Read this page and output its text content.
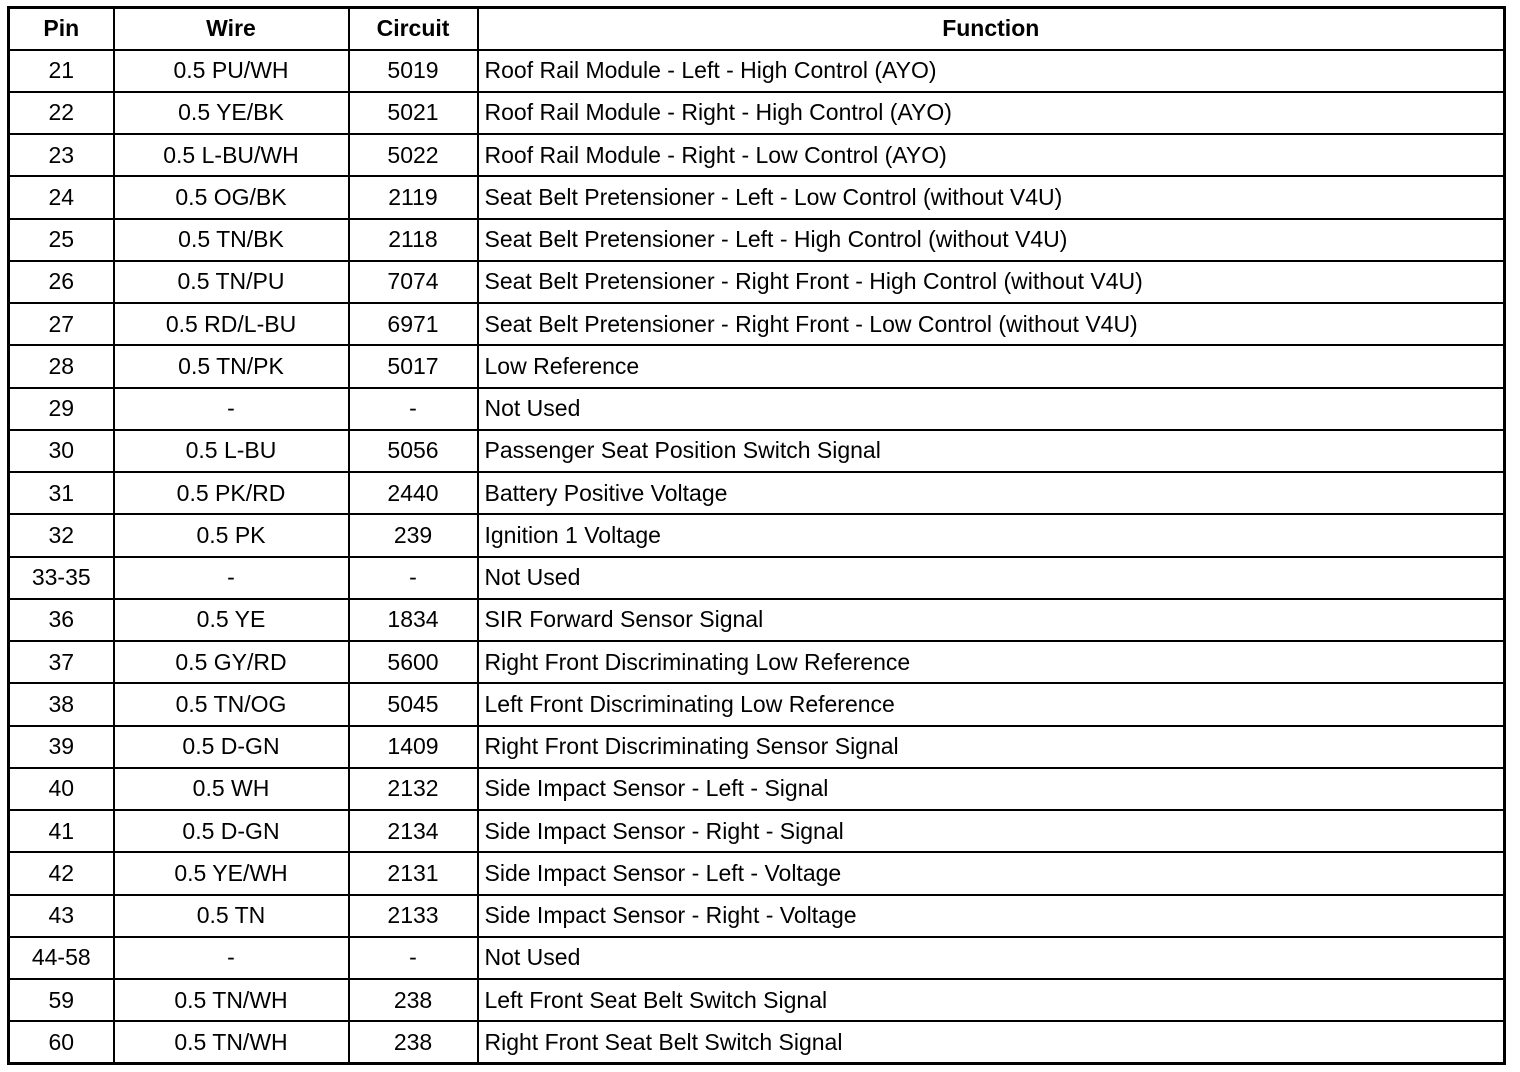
Pin	Wire	Circuit	Function
21	0.5 PU/WH	5019	Roof Rail Module - Left - High Control (AYO)
22	0.5 YE/BK	5021	Roof Rail Module - Right - High Control (AYO)
23	0.5 L-BU/WH	5022	Roof Rail Module - Right - Low Control (AYO)
24	0.5 OG/BK	2119	Seat Belt Pretensioner - Left - Low Control (without V4U)
25	0.5 TN/BK	2118	Seat Belt Pretensioner - Left - High Control (without V4U)
26	0.5 TN/PU	7074	Seat Belt Pretensioner - Right Front - High Control (without V4U)
27	0.5 RD/L-BU	6971	Seat Belt Pretensioner - Right Front - Low Control (without V4U)
28	0.5 TN/PK	5017	Low Reference
29	-	-	Not Used
30	0.5 L-BU	5056	Passenger Seat Position Switch Signal
31	0.5 PK/RD	2440	Battery Positive Voltage
32	0.5 PK	239	Ignition 1 Voltage
33-35	-	-	Not Used
36	0.5 YE	1834	SIR Forward Sensor Signal
37	0.5 GY/RD	5600	Right Front Discriminating Low Reference
38	0.5 TN/OG	5045	Left Front Discriminating Low Reference
39	0.5 D-GN	1409	Right Front Discriminating Sensor Signal
40	0.5 WH	2132	Side Impact Sensor - Left - Signal
41	0.5 D-GN	2134	Side Impact Sensor - Right - Signal
42	0.5 YE/WH	2131	Side Impact Sensor - Left - Voltage
43	0.5 TN	2133	Side Impact Sensor - Right - Voltage
44-58	-	-	Not Used
59	0.5 TN/WH	238	Left Front Seat Belt Switch Signal
60	0.5 TN/WH	238	Right Front Seat Belt Switch Signal
